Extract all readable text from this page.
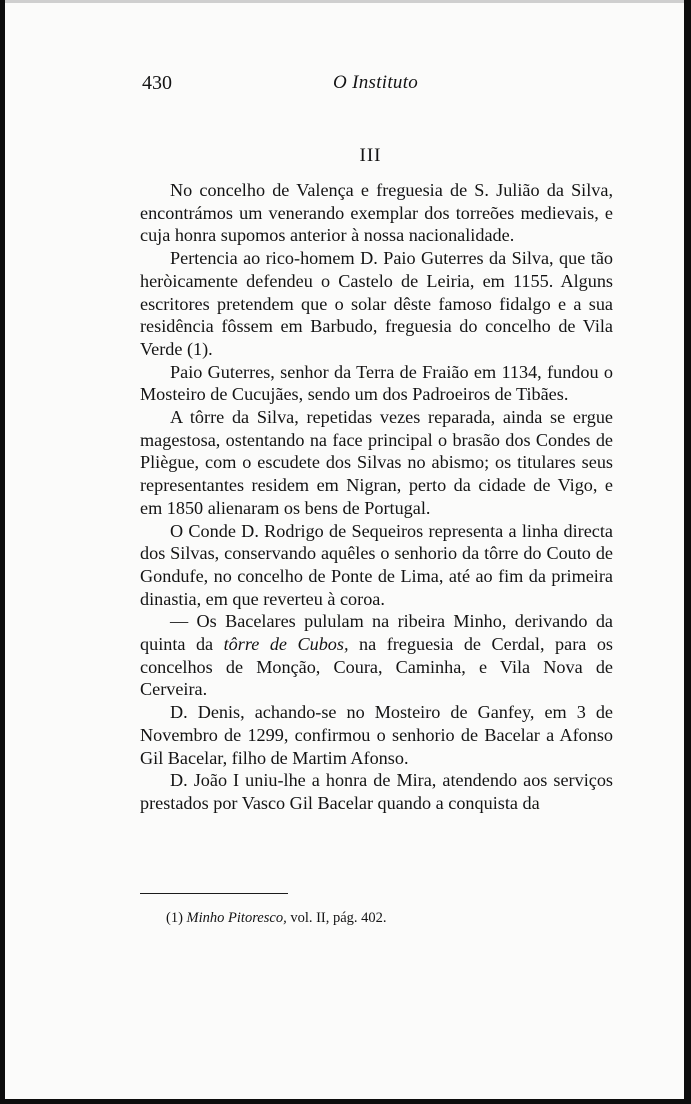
430	O Instituto
III

No concelho de Valença e freguesia de S. Julião da Silva, encontrámos um venerando exemplar dos torreões medievais, e cuja honra supomos anterior à nossa nacionalidade.

Pertencia ao rico-homem D. Paio Guterres da Silva, que tão heròicamente defendeu o Castelo de Leiria, em 1155. Alguns escritores pretendem que o solar dêste famoso fidalgo e a sua residência fôssem em Barbudo, freguesia do concelho de Vila Verde (1).

Paio Guterres, senhor da Terra de Fraião em 1134, fundou o Mosteiro de Cucujães, sendo um dos Padroeiros de Tibães.

A tôrre da Silva, repetidas vezes reparada, ainda se ergue magestosa, ostentando na face principal o brasão dos Condes de Pliègue, com o escudete dos Silvas no abismo; os titulares seus representantes residem em Nigran, perto da cidade de Vigo, e em 1850 alienaram os bens de Portugal.

O Conde D. Rodrigo de Sequeiros representa a linha directa dos Silvas, conservando aquêles o senhorio da tôrre do Couto de Gondufe, no concelho de Ponte de Lima, até ao fim da primeira dinastia, em que reverteu à coroa.

— Os Bacelares pululam na ribeira Minho, derivando da quinta da tôrre de Cubos, na freguesia de Cerdal, para os concelhos de Monção, Coura, Caminha, e Vila Nova de Cerveira.

D. Denis, achando-se no Mosteiro de Ganfey, em 3 de Novembro de 1299, confirmou o senhorio de Bacelar a Afonso Gil Bacelar, filho de Martim Afonso.

D. João I uniu-lhe a honra de Mira, atendendo aos serviços prestados por Vasco Gil Bacelar quando a conquista da

(1) Minho Pitoresco, vol. II, pág. 402.
